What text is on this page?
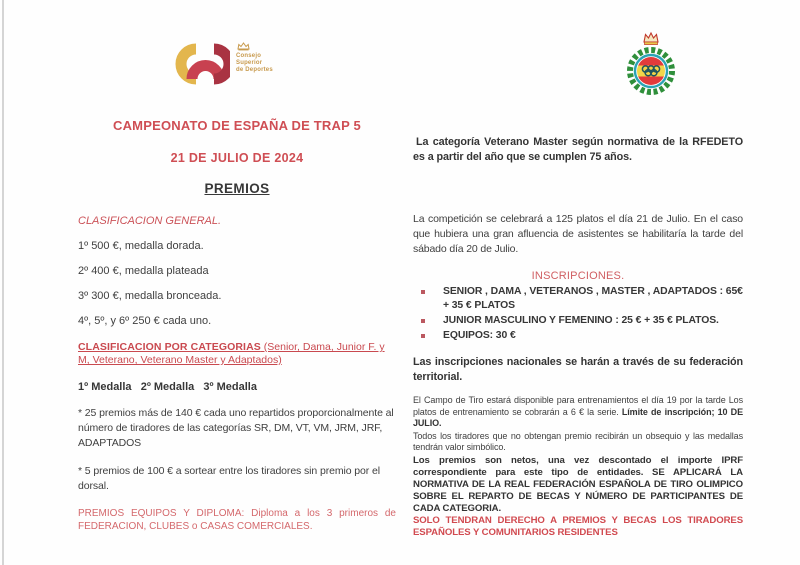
Consejo
Superior
de Deportes

CAMPEONATO DE ESPAÑA DE TRAP 5

21 DE JULIO DE 2024

PREMIOS

CLASIFICACION GENERAL.

1º 500 €, medalla dorada.

2º 400 €, medalla plateada

3º 300 €, medalla bronceada.

4º, 5º, y 6º 250 € cada uno.

CLASIFICACION POR CATEGORIAS (Senior, Dama, Junior F. y M, Veterano, Veterano Master y Adaptados)

1º Medalla   2º Medalla   3º Medalla

* 25 premios más de 140 € cada uno repartidos proporcionalmente al número de tiradores de las categorías SR, DM, VT, VM, JRM, JRF, ADAPTADOS

* 5 premios de 100 € a sortear entre los tiradores sin premio por el dorsal.

PREMIOS EQUIPOS Y DIPLOMA: Diploma a los 3 primeros de FEDERACION, CLUBES o CASAS COMERCIALES.

La categoría Veterano Master según normativa de la RFEDETO es a partir del año que se cumplen 75 años.

La competición se celebrará a 125 platos el día 21 de Julio. En el caso que hubiera una gran afluencia de asistentes se habilitaría la tarde del sábado día 20 de Julio.

INSCRIPCIONES.

SENIOR , DAMA , VETERANOS , MASTER , ADAPTADOS : 65€ + 35 € PLATOS
JUNIOR MASCULINO Y FEMENINO : 25 € + 35 € PLATOS.
EQUIPOS: 30 €

Las inscripciones nacionales se harán a través de su federación territorial.

El Campo de Tiro estará disponible para entrenamientos el día 19 por la tarde Los platos de entrenamiento se cobrarán a 6 € la serie. Límite de inscripción; 10 DE JULIO.

Todos los tiradores que no obtengan premio recibirán un obsequio y las medallas tendrán valor simbólico.

Los premios son netos, una vez descontado el importe IPRF correspondiente para este tipo de entidades. SE APLICARÁ LA NORMATIVA DE LA REAL FEDERACIÓN ESPAÑOLA DE TIRO OLIMPICO SOBRE EL REPARTO DE BECAS Y NÚMERO DE PARTICIPANTES DE CADA CATEGORIA.

SOLO TENDRAN DERECHO A PREMIOS Y BECAS LOS TIRADORES ESPAÑOLES Y COMUNITARIOS RESIDENTES
